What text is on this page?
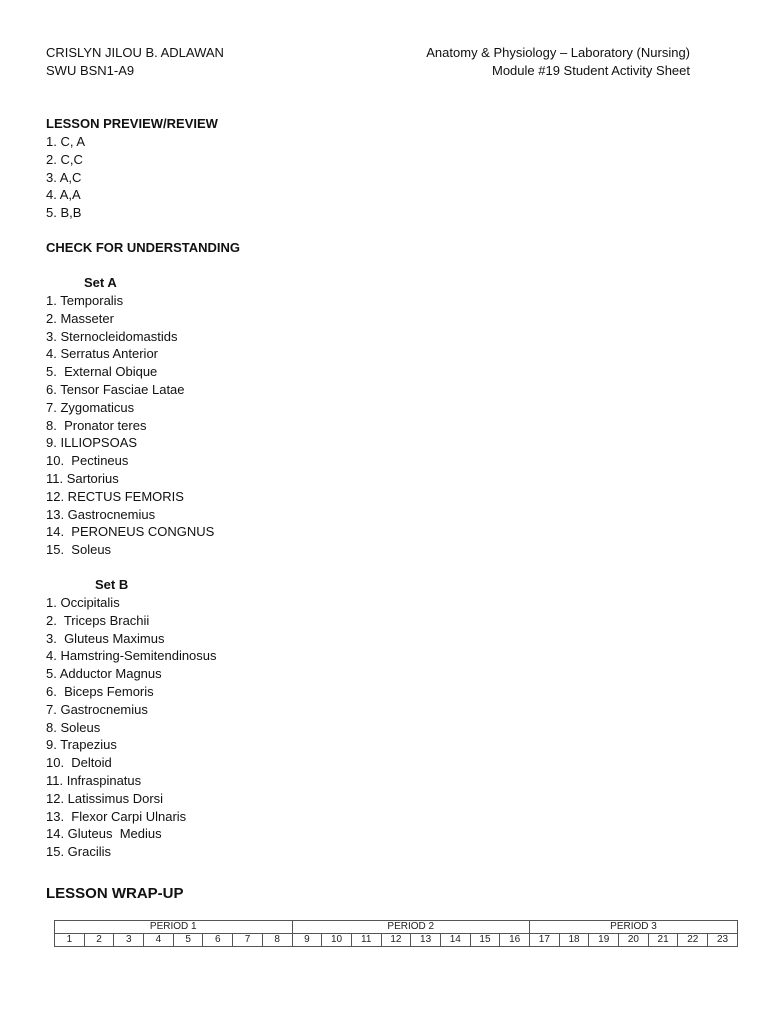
CRISLYN JILOU B. ADLAWAN
SWU BSN1-A9
Anatomy & Physiology – Laboratory (Nursing)
Module #19 Student Activity Sheet

LESSON PREVIEW/REVIEW

1. C, A
2. C,C
3. A,C
4. A,A
5. B,B

CHECK FOR UNDERSTANDING

Set A
1. Temporalis
2. Masseter
3. Sternocleidomastids
4. Serratus Anterior
5.  External Obique
6. Tensor Fasciae Latae
7. Zygomaticus
8.  Pronator teres
9. ILLIOPSOAS
10.  Pectineus
11. Sartorius
12. RECTUS FEMORIS
13. Gastrocnemius
14.  PERONEUS CONGNUS
15.  Soleus
Set B
1. Occipitalis
2.  Triceps Brachii
3.  Gluteus Maximus
4. Hamstring-Semitendinosus
5. Adductor Magnus
6.  Biceps Femoris
7. Gastrocnemius
8. Soleus
9. Trapezius
10.  Deltoid
11. Infraspinatus
12. Latissimus Dorsi
13.  Flexor Carpi Ulnaris
14. Gluteus  Medius
15. Gracilis
LESSON WRAP-UP
PERIOD 1								PERIOD 2								PERIOD 3						
1	2	3	4	5	6	7	8	9	10	11	12	13	14	15	16	17	18	19	20	21	22	23
